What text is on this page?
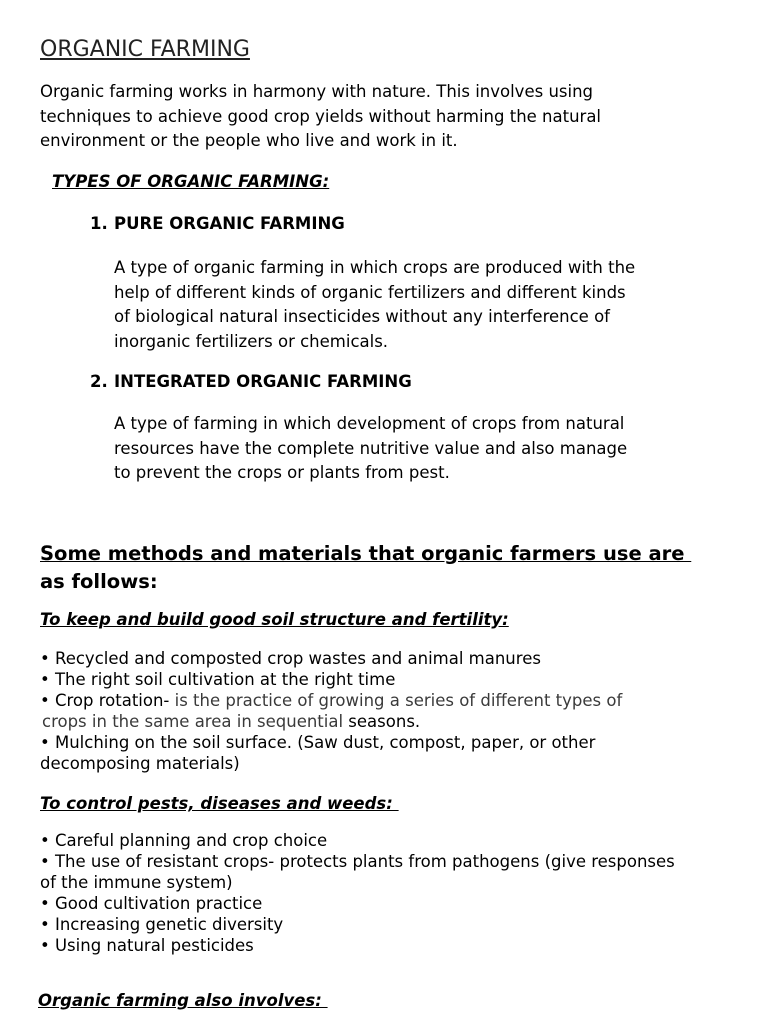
ORGANIC FARMING
Organic farming works in harmony with nature. This involves using
techniques to achieve good crop yields without harming the natural
environment or the people who live and work in it.
TYPES OF ORGANIC FARMING:
1. PURE ORGANIC FARMING
A type of organic farming in which crops are produced with the
help of different kinds of organic fertilizers and different kinds
of biological natural insecticides without any interference of
inorganic fertilizers or chemicals.
2. INTEGRATED ORGANIC FARMING
A type of farming in which development of crops from natural
resources have the complete nutritive value and also manage
to prevent the crops or plants from pest.
Some methods and materials that organic farmers use are
as follows:
To keep and build good soil structure and fertility:
• Recycled and composted crop wastes and animal manures
• The right soil cultivation at the right time
• Crop rotation- is the practice of growing a series of different types of
crops in the same area in sequential seasons.
• Mulching on the soil surface. (Saw dust, compost, paper, or other
decomposing materials)
To control pests, diseases and weeds:
• Careful planning and crop choice
• The use of resistant crops- protects plants from pathogens (give responses
of the immune system)
• Good cultivation practice
• Increasing genetic diversity
• Using natural pesticides
Organic farming also involves:
